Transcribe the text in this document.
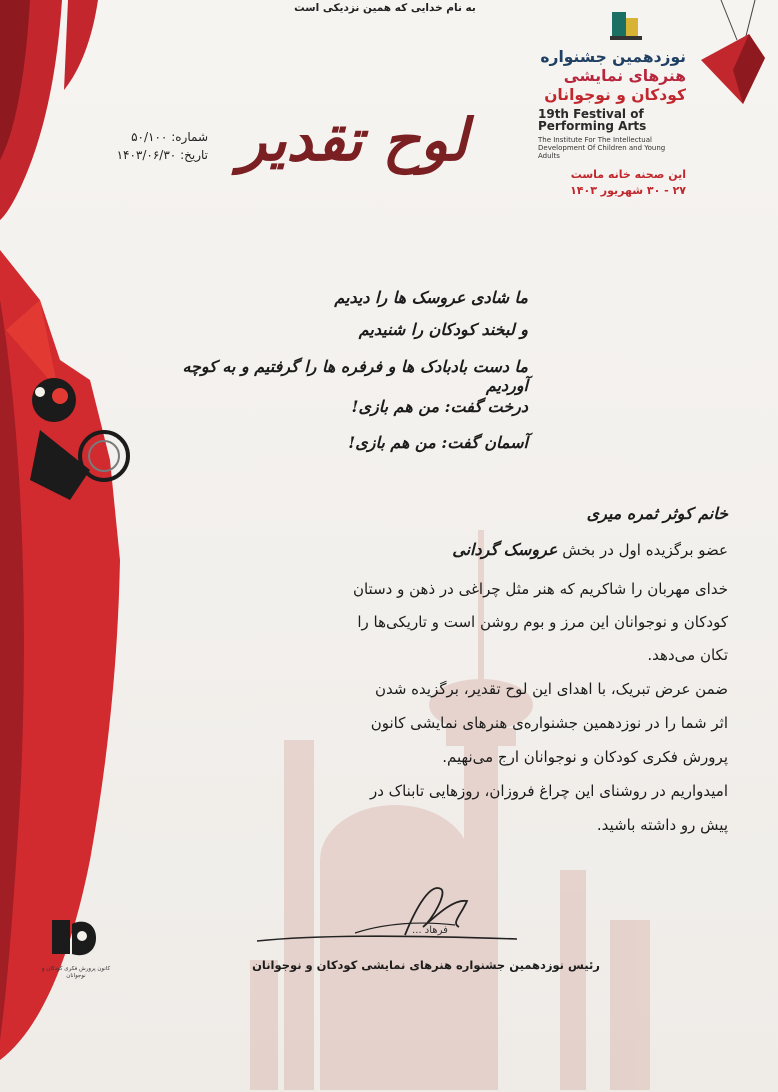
به نام خدایی که همین نزدیکی است
شماره: ۵۰/۱۰۰
تاریخ: ۱۴۰۳/۰۶/۳۰	لوح تقدیر
نوزدهمین جشنواره
هنرهای نمایشی
کودکان و نوجوانان
19th Festival of Performing Arts
The Institute For The Intellectual Development Of Children and Young Adults
این صحنه خانه ماست
۲۷ - ۳۰ شهریور ۱۴۰۳
ما شادی عروسک ها را دیدیم
و لبخند کودکان را شنیدیم
ما دست بادبادک ها و فرفره ها را گرفتیم و به کوچه آوردیم
درخت گفت: من هم بازی!
آسمان گفت: من هم بازی!
خانم کوثر ثمره میری
عضو برگزیده اول در بخش عروسک گردانی
خدای مهربان را شاکریم که هنر مثل چراغی در ذهن و دستان
کودکان و نوجوانان این مرز و بوم روشن است و تاریکی‌ها را
تکان می‌دهد.
ضمن عرض تبریک، با اهدای این لوح تقدیر، برگزیده شدن
اثر شما را در نوزدهمین جشنواره‌ی هنرهای نمایشی کانون
پرورش فکری کودکان و نوجوانان ارج می‌نهیم.
امیدواریم در روشنای این چراغ فروزان، روزهایی تابناک در
پیش رو داشته باشید.
فرهاد ...
رئیس نوزدهمین جشنواره هنرهای نمایشی کودکان و نوجوانان
کانون پرورش فکری کودکان و نوجوانان
